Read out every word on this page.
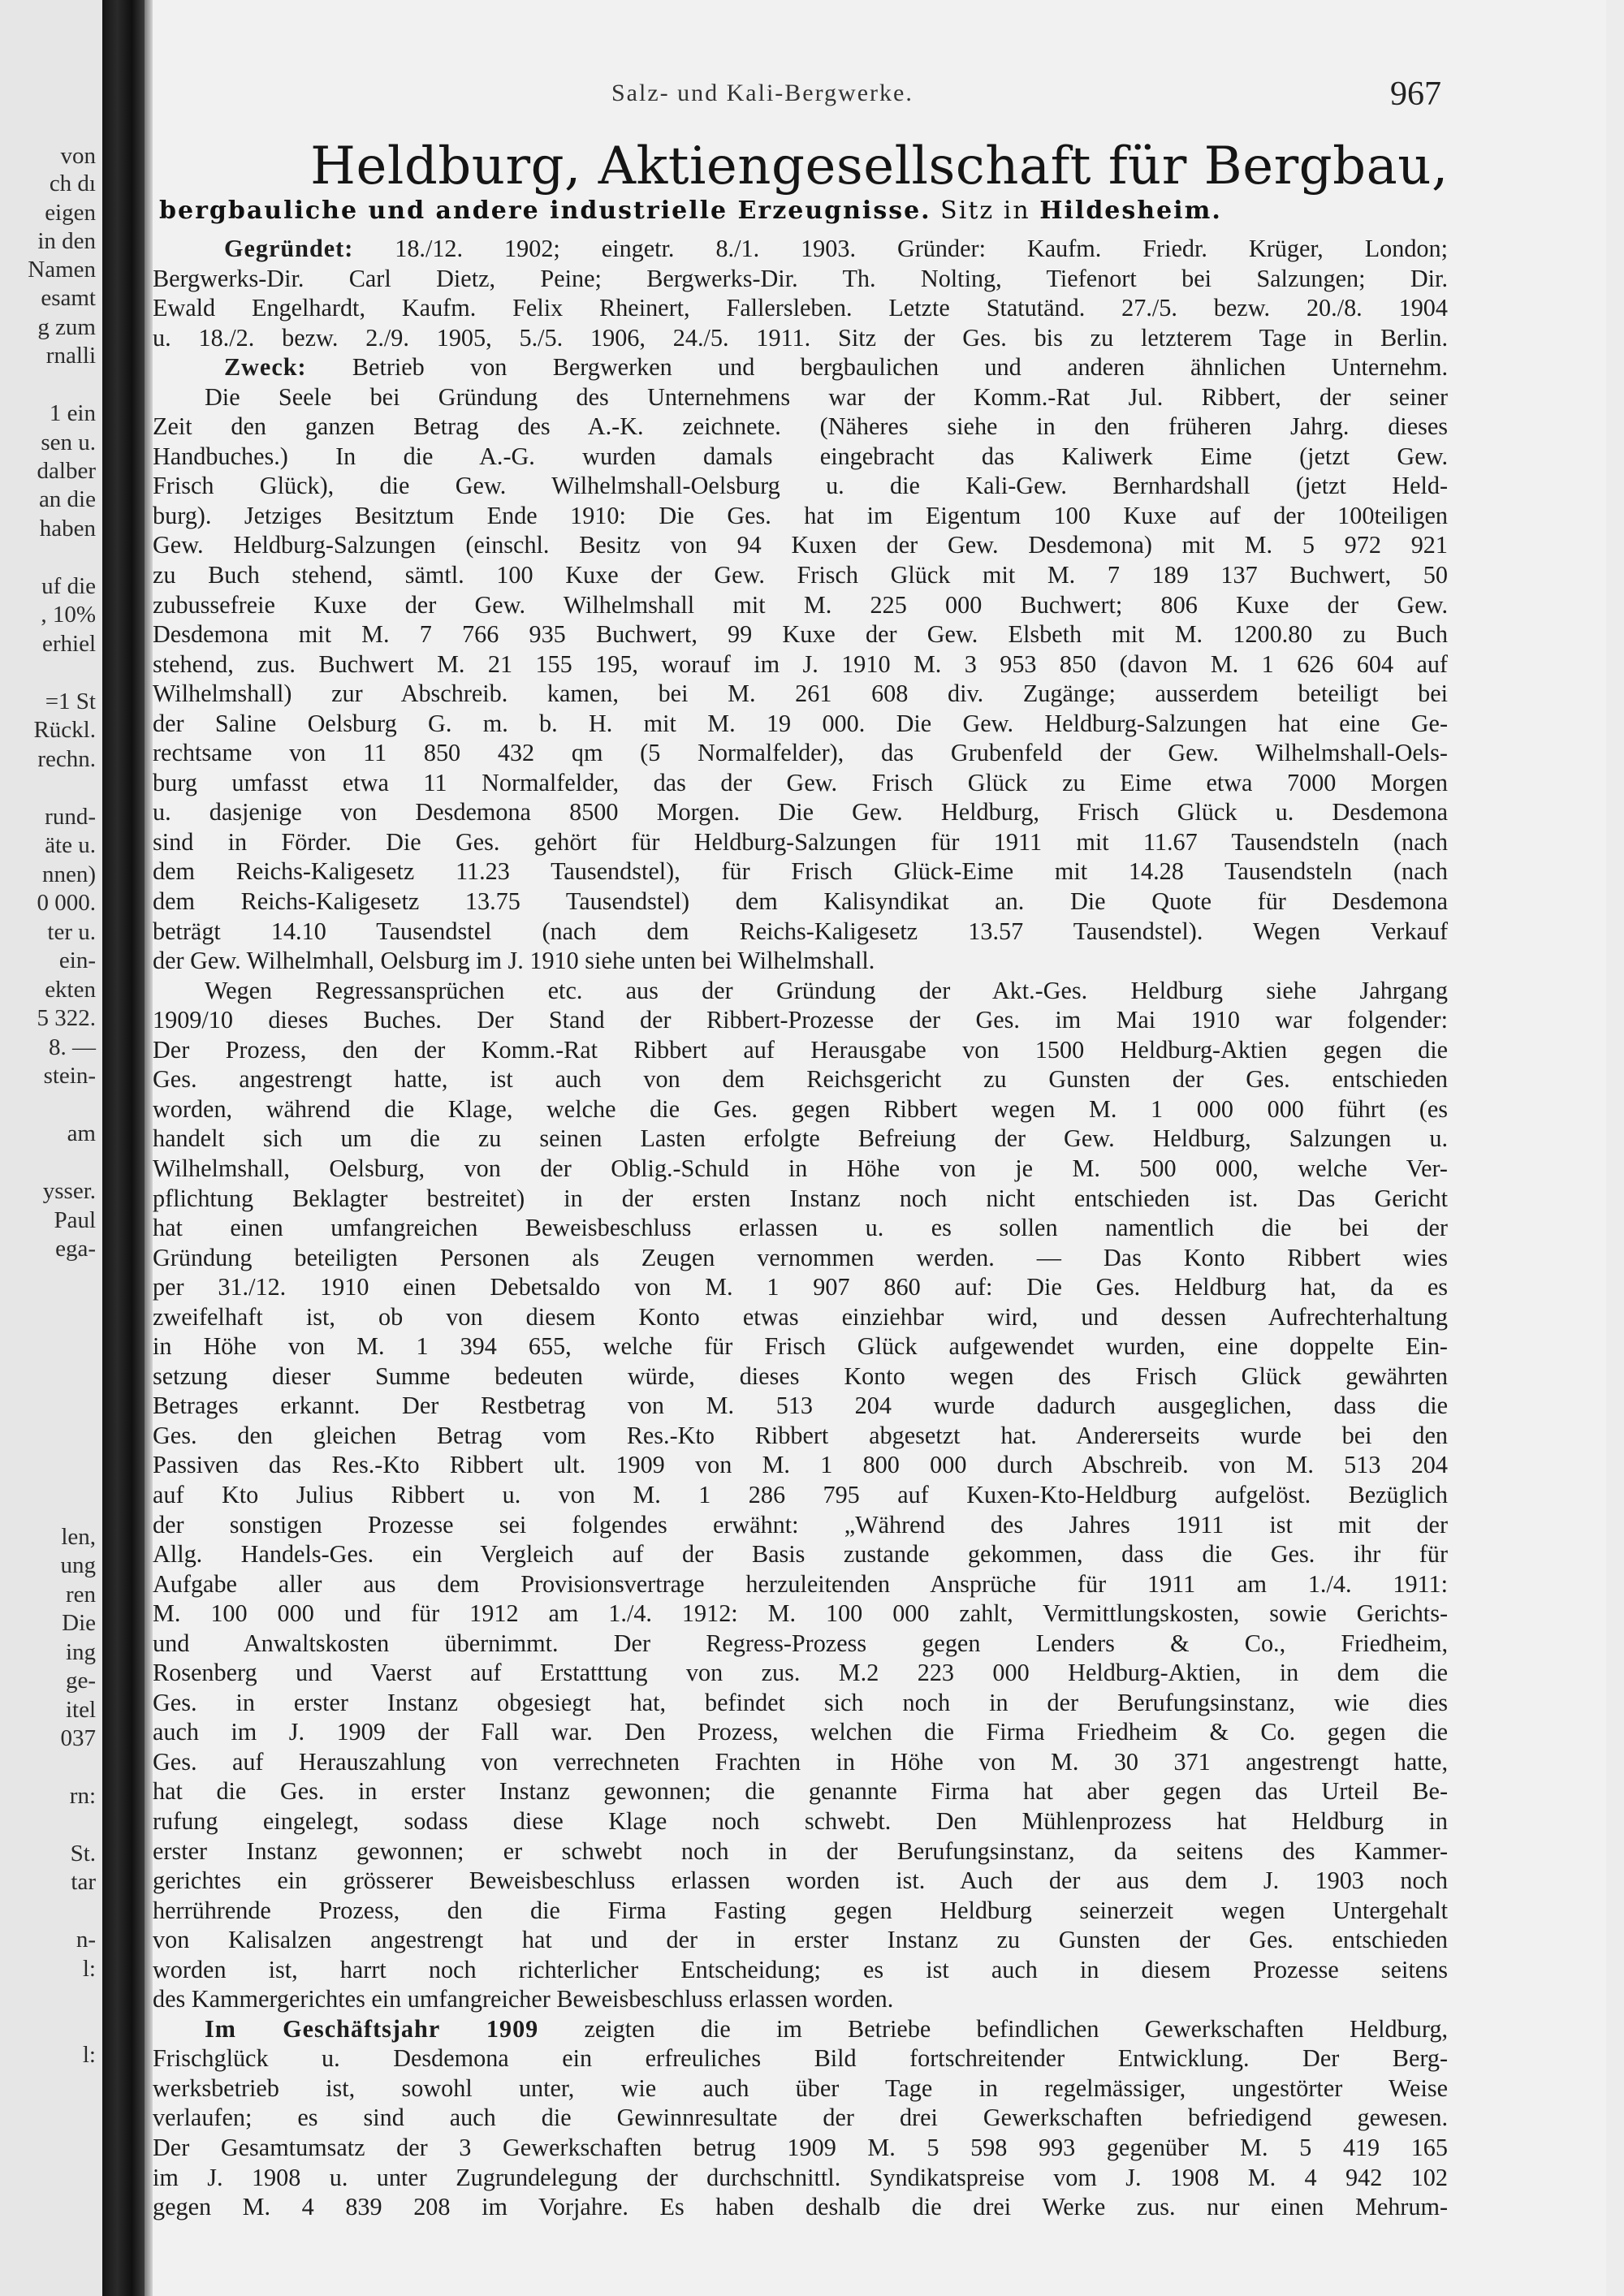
von
ch dı
eigen
in den
Namen
esamt
g zum
rnalli
1 ein
sen u.
dalber
an die
haben
uf die
, 10%
erhiel
=1 St
Rückl.
rechn.
rund-
äte u.
nnen)
0 000.
ter u.
ein-
ekten
5 322.
8. —
stein-
am
ysser.
Paul
ega-
len,
ung
ren
Die
ing
ge-
itel
037
rn:
St.
tar
n-
l:
l:
Salz- und Kali-Bergwerke.	967
Heldburg, Aktiengesellschaft für Bergbau,
bergbauliche und andere industrielle Erzeugnisse. Sitz in Hildesheim.
Gegründet: 18./12. 1902; eingetr. 8./1. 1903. Gründer: Kaufm. Friedr. Krüger, London;
Bergwerks-Dir. Carl Dietz, Peine; Bergwerks-Dir. Th. Nolting, Tiefenort bei Salzungen; Dir.
Ewald Engelhardt, Kaufm. Felix Rheinert, Fallersleben. Letzte Statutänd. 27./5. bezw. 20./8. 1904
u. 18./2. bezw. 2./9. 1905, 5./5. 1906, 24./5. 1911. Sitz der Ges. bis zu letzterem Tage in Berlin.
Zweck: Betrieb von Bergwerken und bergbaulichen und anderen ähnlichen Unternehm.
Die Seele bei Gründung des Unternehmens war der Komm.-Rat Jul. Ribbert, der seiner
Zeit den ganzen Betrag des A.-K. zeichnete. (Näheres siehe in den früheren Jahrg. dieses
Handbuches.) In die A.-G. wurden damals eingebracht das Kaliwerk Eime (jetzt Gew.
Frisch Glück), die Gew. Wilhelmshall-Oelsburg u. die Kali-Gew. Bernhardshall (jetzt Held-
burg). Jetziges Besitztum Ende 1910: Die Ges. hat im Eigentum 100 Kuxe auf der 100teiligen
Gew. Heldburg-Salzungen (einschl. Besitz von 94 Kuxen der Gew. Desdemona) mit M. 5 972 921
zu Buch stehend, sämtl. 100 Kuxe der Gew. Frisch Glück mit M. 7 189 137 Buchwert, 50
zubussefreie Kuxe der Gew. Wilhelmshall mit M. 225 000 Buchwert; 806 Kuxe der Gew.
Desdemona mit M. 7 766 935 Buchwert, 99 Kuxe der Gew. Elsbeth mit M. 1200.80 zu Buch
stehend, zus. Buchwert M. 21 155 195, worauf im J. 1910 M. 3 953 850 (davon M. 1 626 604 auf
Wilhelmshall) zur Abschreib. kamen, bei M. 261 608 div. Zugänge; ausserdem beteiligt bei
der Saline Oelsburg G. m. b. H. mit M. 19 000. Die Gew. Heldburg-Salzungen hat eine Ge-
rechtsame von 11 850 432 qm (5 Normalfelder), das Grubenfeld der Gew. Wilhelmshall-Oels-
burg umfasst etwa 11 Normalfelder, das der Gew. Frisch Glück zu Eime etwa 7000 Morgen
u. dasjenige von Desdemona 8500 Morgen. Die Gew. Heldburg, Frisch Glück u. Desdemona
sind in Förder. Die Ges. gehört für Heldburg-Salzungen für 1911 mit 11.67 Tausendsteln (nach
dem Reichs-Kaligesetz 11.23 Tausendstel), für Frisch Glück-Eime mit 14.28 Tausendsteln (nach
dem Reichs-Kaligesetz 13.75 Tausendstel) dem Kalisyndikat an. Die Quote für Desdemona
beträgt 14.10 Tausendstel (nach dem Reichs-Kaligesetz 13.57 Tausendstel). Wegen Verkauf
der Gew. Wilhelmhall, Oelsburg im J. 1910 siehe unten bei Wilhelmshall.
Wegen Regressansprüchen etc. aus der Gründung der Akt.-Ges. Heldburg siehe Jahrgang
1909/10 dieses Buches. Der Stand der Ribbert-Prozesse der Ges. im Mai 1910 war folgender:
Der Prozess, den der Komm.-Rat Ribbert auf Herausgabe von 1500 Heldburg-Aktien gegen die
Ges. angestrengt hatte, ist auch von dem Reichsgericht zu Gunsten der Ges. entschieden
worden, während die Klage, welche die Ges. gegen Ribbert wegen M. 1 000 000 führt (es
handelt sich um die zu seinen Lasten erfolgte Befreiung der Gew. Heldburg, Salzungen u.
Wilhelmshall, Oelsburg, von der Oblig.-Schuld in Höhe von je M. 500 000, welche Ver-
pflichtung Beklagter bestreitet) in der ersten Instanz noch nicht entschieden ist. Das Gericht
hat einen umfangreichen Beweisbeschluss erlassen u. es sollen namentlich die bei der
Gründung beteiligten Personen als Zeugen vernommen werden. — Das Konto Ribbert wies
per 31./12. 1910 einen Debetsaldo von M. 1 907 860 auf: Die Ges. Heldburg hat, da es
zweifelhaft ist, ob von diesem Konto etwas einziehbar wird, und dessen Aufrechterhaltung
in Höhe von M. 1 394 655, welche für Frisch Glück aufgewendet wurden, eine doppelte Ein-
setzung dieser Summe bedeuten würde, dieses Konto wegen des Frisch Glück gewährten
Betrages erkannt. Der Restbetrag von M. 513 204 wurde dadurch ausgeglichen, dass die
Ges. den gleichen Betrag vom Res.-Kto Ribbert abgesetzt hat. Andererseits wurde bei den
Passiven das Res.-Kto Ribbert ult. 1909 von M. 1 800 000 durch Abschreib. von M. 513 204
auf Kto Julius Ribbert u. von M. 1 286 795 auf Kuxen-Kto-Heldburg aufgelöst. Bezüglich
der sonstigen Prozesse sei folgendes erwähnt: „Während des Jahres 1911 ist mit der
Allg. Handels-Ges. ein Vergleich auf der Basis zustande gekommen, dass die Ges. ihr für
Aufgabe aller aus dem Provisionsvertrage herzuleitenden Ansprüche für 1911 am 1./4. 1911:
M. 100 000 und für 1912 am 1./4. 1912: M. 100 000 zahlt, Vermittlungskosten, sowie Gerichts-
und Anwaltskosten übernimmt. Der Regress-Prozess gegen Lenders & Co., Friedheim,
Rosenberg und Vaerst auf Erstatttung von zus. M.2 223 000 Heldburg-Aktien, in dem die
Ges. in erster Instanz obgesiegt hat, befindet sich noch in der Berufungsinstanz, wie dies
auch im J. 1909 der Fall war. Den Prozess, welchen die Firma Friedheim & Co. gegen die
Ges. auf Herauszahlung von verrechneten Frachten in Höhe von M. 30 371 angestrengt hatte,
hat die Ges. in erster Instanz gewonnen; die genannte Firma hat aber gegen das Urteil Be-
rufung eingelegt, sodass diese Klage noch schwebt. Den Mühlenprozess hat Heldburg in
erster Instanz gewonnen; er schwebt noch in der Berufungsinstanz, da seitens des Kammer-
gerichtes ein grösserer Beweisbeschluss erlassen worden ist. Auch der aus dem J. 1903 noch
herrührende Prozess, den die Firma Fasting gegen Heldburg seinerzeit wegen Untergehalt
von Kalisalzen angestrengt hat und der in erster Instanz zu Gunsten der Ges. entschieden
worden ist, harrt noch richterlicher Entscheidung; es ist auch in diesem Prozesse seitens
des Kammergerichtes ein umfangreicher Beweisbeschluss erlassen worden.
Im Geschäftsjahr 1909 zeigten die im Betriebe befindlichen Gewerkschaften Heldburg,
Frischglück u. Desdemona ein erfreuliches Bild fortschreitender Entwicklung. Der Berg-
werksbetrieb ist, sowohl unter, wie auch über Tage in regelmässiger, ungestörter Weise
verlaufen; es sind auch die Gewinnresultate der drei Gewerkschaften befriedigend gewesen.
Der Gesamtumsatz der 3 Gewerkschaften betrug 1909 M. 5 598 993 gegenüber M. 5 419 165
im J. 1908 u. unter Zugrundelegung der durchschnittl. Syndikatspreise vom J. 1908 M. 4 942 102
gegen M. 4 839 208 im Vorjahre. Es haben deshalb die drei Werke zus. nur einen Mehrum-
